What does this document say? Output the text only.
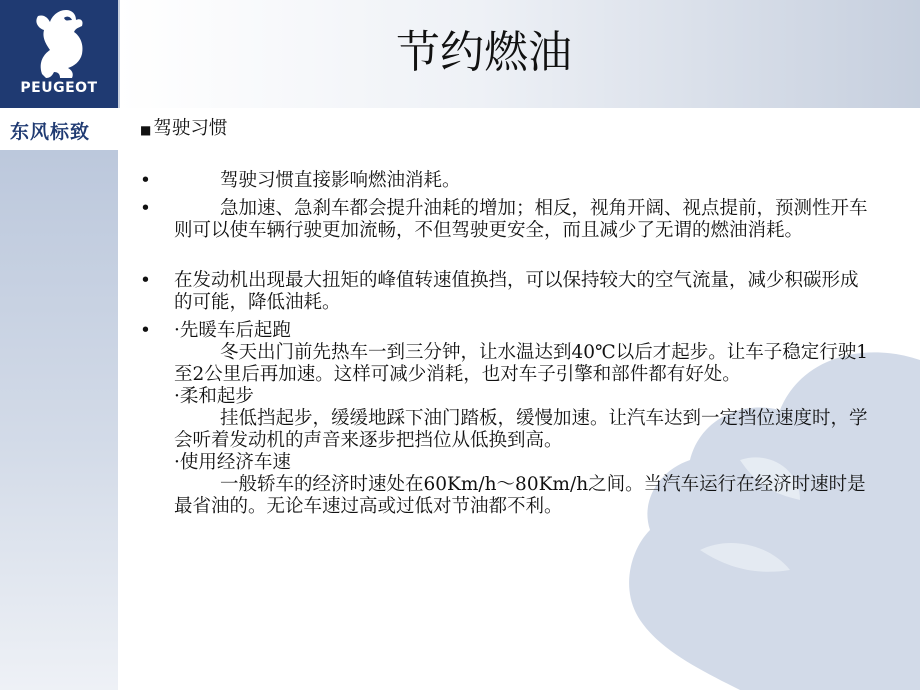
PEUGEOT
东风标致
节约燃油
■ 驾驶习惯
•	驾驶习惯直接影响燃油消耗。
•	急加速、急刹车都会提升油耗的增加；相反，视角开阔、视点提前，预测性开车则可以使车辆行驶更加流畅，不但驾驶更安全，而且减少了无谓的燃油消耗。
•	在发动机出现最大扭矩的峰值转速值换挡，可以保持较大的空气流量，减少积碳形成的可能，降低油耗。
•	·先暖车后起跑
冬天出门前先热车一到三分钟，让水温达到40℃以后才起步。让车子稳定行驶1至2公里后再加速。这样可减少消耗，也对车子引擎和部件都有好处。
·柔和起步
挂低挡起步，缓缓地踩下油门踏板，缓慢加速。让汽车达到一定挡位速度时，学会听着发动机的声音来逐步把挡位从低换到高。
·使用经济车速
一般轿车的经济时速处在60Km/h～80Km/h之间。当汽车运行在经济时速时是最省油的。无论车速过高或过低对节油都不利。
